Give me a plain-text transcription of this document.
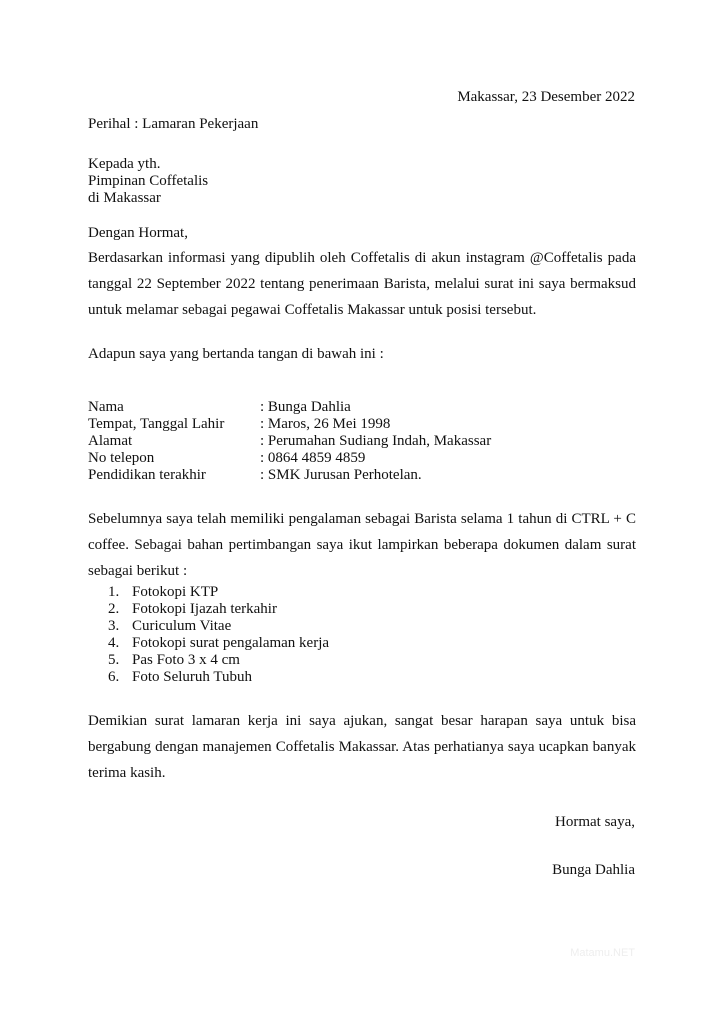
Makassar, 23 Desember 2022
Perihal : Lamaran Pekerjaan
Kepada yth.
Pimpinan Coffetalis
di Makassar
Dengan Hormat,
Berdasarkan informasi yang dipublih oleh Coffetalis di akun instagram @Coffetalis pada tanggal 22 September 2022 tentang penerimaan Barista, melalui surat ini saya bermaksud untuk melamar sebagai pegawai Coffetalis Makassar untuk posisi tersebut.
Adapun saya yang bertanda tangan di bawah ini :
Nama	: Bunga Dahlia
Tempat, Tanggal Lahir	: Maros, 26 Mei 1998
Alamat	: Perumahan Sudiang Indah, Makassar
No telepon	: 0864 4859 4859
Pendidikan terakhir	: SMK Jurusan Perhotelan.
Sebelumnya saya telah memiliki pengalaman sebagai Barista selama 1 tahun di CTRL + C coffee. Sebagai bahan pertimbangan saya ikut lampirkan beberapa dokumen dalam surat sebagai berikut :
1. Fotokopi KTP
2. Fotokopi Ijazah terkahir
3. Curiculum Vitae
4. Fotokopi surat pengalaman kerja
5. Pas Foto 3 x 4 cm
6. Foto Seluruh Tubuh
Demikian surat lamaran kerja ini saya ajukan, sangat besar harapan saya untuk bisa bergabung dengan manajemen Coffetalis Makassar. Atas perhatianya saya ucapkan banyak terima kasih.
Hormat saya,
Bunga Dahlia
Matamu.NET
